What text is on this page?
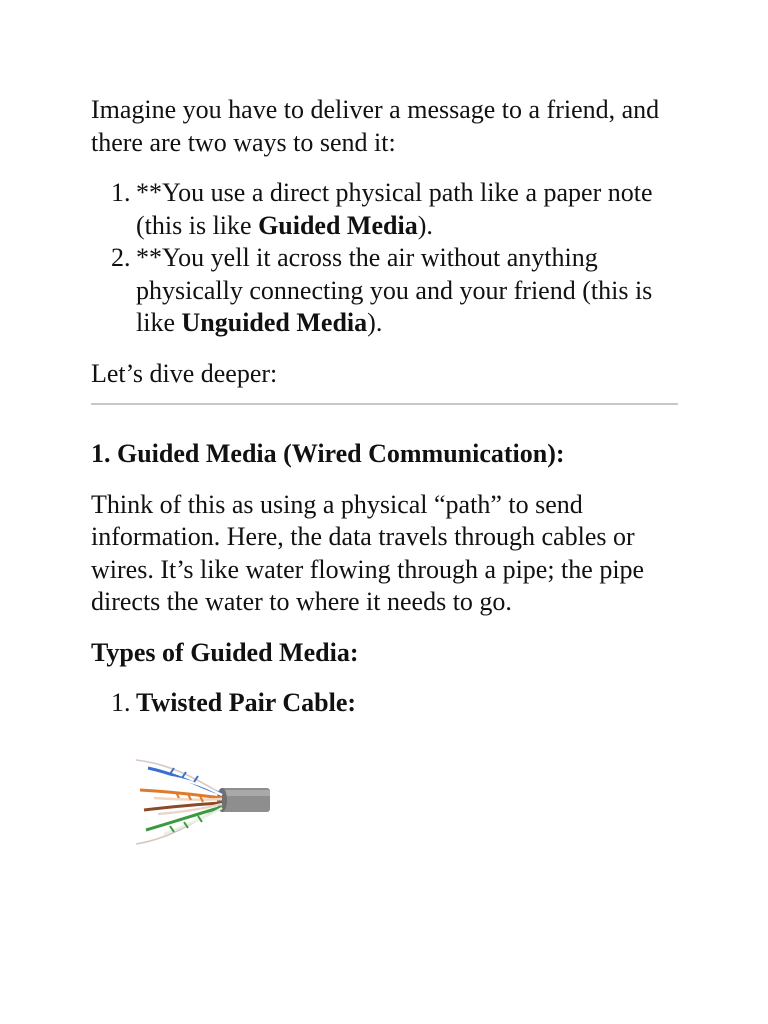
Imagine you have to deliver a message to a friend, and there are two ways to send it:

1. **You use a direct physical path like a paper note (this is like Guided Media).
2. **You yell it across the air without anything physically connecting you and your friend (this is like Unguided Media).

Let’s dive deeper:

1. Guided Media (Wired Communication):

Think of this as using a physical “path” to send information. Here, the data travels through cables or wires. It’s like water flowing through a pipe; the pipe directs the water to where it needs to go.

Types of Guided Media:
1. Twisted Pair Cable:
